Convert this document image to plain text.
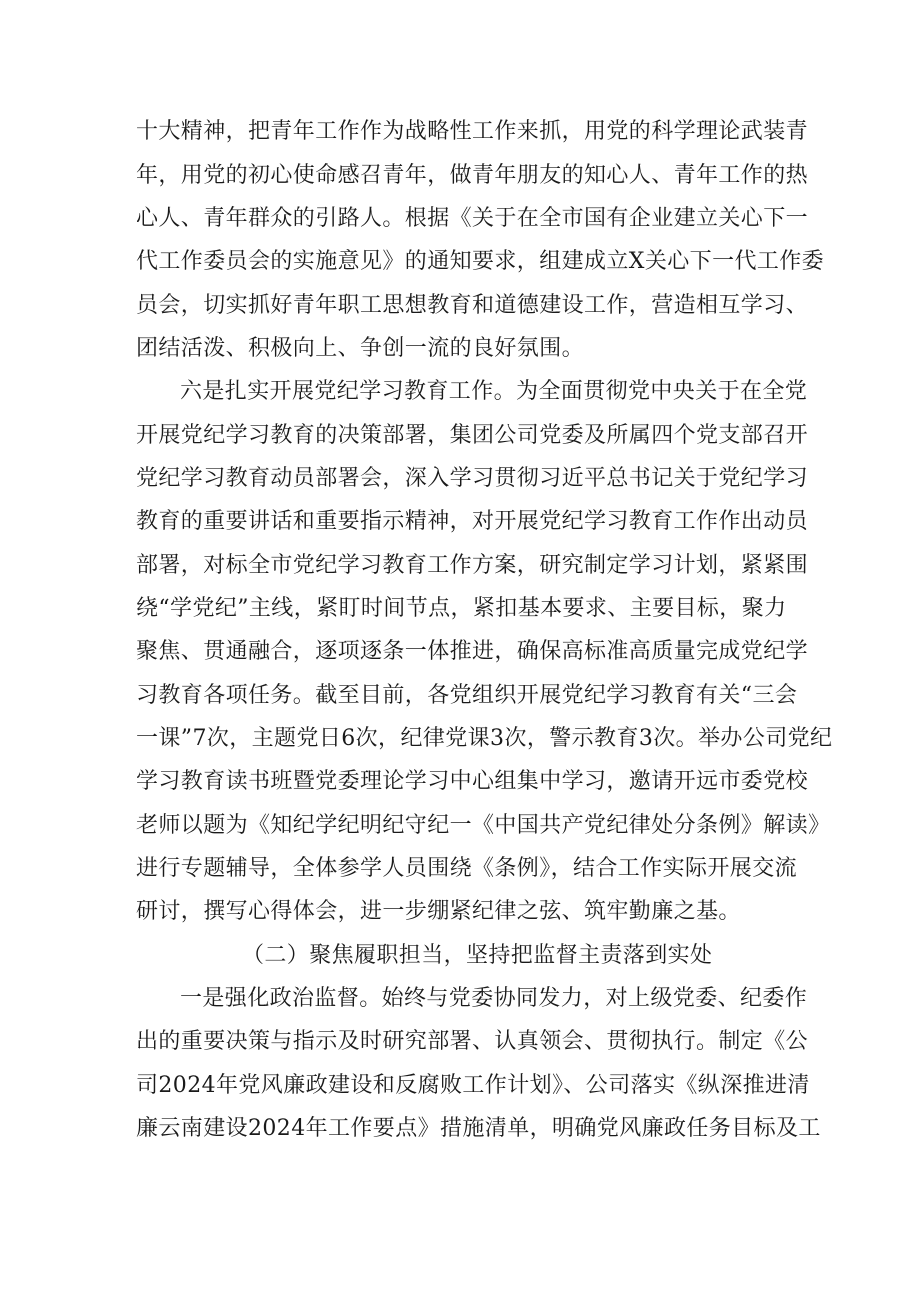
十大精神，把青年工作作为战略性工作来抓，用党的科学理论武装青
年，用党的初心使命感召青年，做青年朋友的知心人、青年工作的热
心人、青年群众的引路人。根据《关于在全市国有企业建立关心下一
代工作委员会的实施意见》的通知要求，组建成立X关心下一代工作委
员会，切实抓好青年职工思想教育和道德建设工作，营造相互学习、
团结活泼、积极向上、争创一流的良好氛围。
六是扎实开展党纪学习教育工作。为全面贯彻党中央关于在全党
开展党纪学习教育的决策部署，集团公司党委及所属四个党支部召开
党纪学习教育动员部署会，深入学习贯彻习近平总书记关于党纪学习
教育的重要讲话和重要指示精神，对开展党纪学习教育工作作出动员
部署，对标全市党纪学习教育工作方案，研究制定学习计划，紧紧围
绕“学党纪”主线，紧盯时间节点，紧扣基本要求、主要目标，聚力
聚焦、贯通融合，逐项逐条一体推进，确保高标准高质量完成党纪学
习教育各项任务。截至目前，各党组织开展党纪学习教育有关“三会
一课”7次，主题党日6次，纪律党课3次，警示教育3次。举办公司党纪
学习教育读书班暨党委理论学习中心组集中学习，邀请开远市委党校
老师以题为《知纪学纪明纪守纪一《中国共产党纪律处分条例》解读》
进行专题辅导，全体参学人员围绕《条例》，结合工作实际开展交流
研讨，撰写心得体会，进一步绷紧纪律之弦、筑牢勤廉之基。
（二）聚焦履职担当，坚持把监督主责落到实处
一是强化政治监督。始终与党委协同发力，对上级党委、纪委作
出的重要决策与指示及时研究部署、认真领会、贯彻执行。制定《公
司2024年党风廉政建设和反腐败工作计划》、公司落实《纵深推进清
廉云南建设2024年工作要点》措施清单，明确党风廉政任务目标及工
